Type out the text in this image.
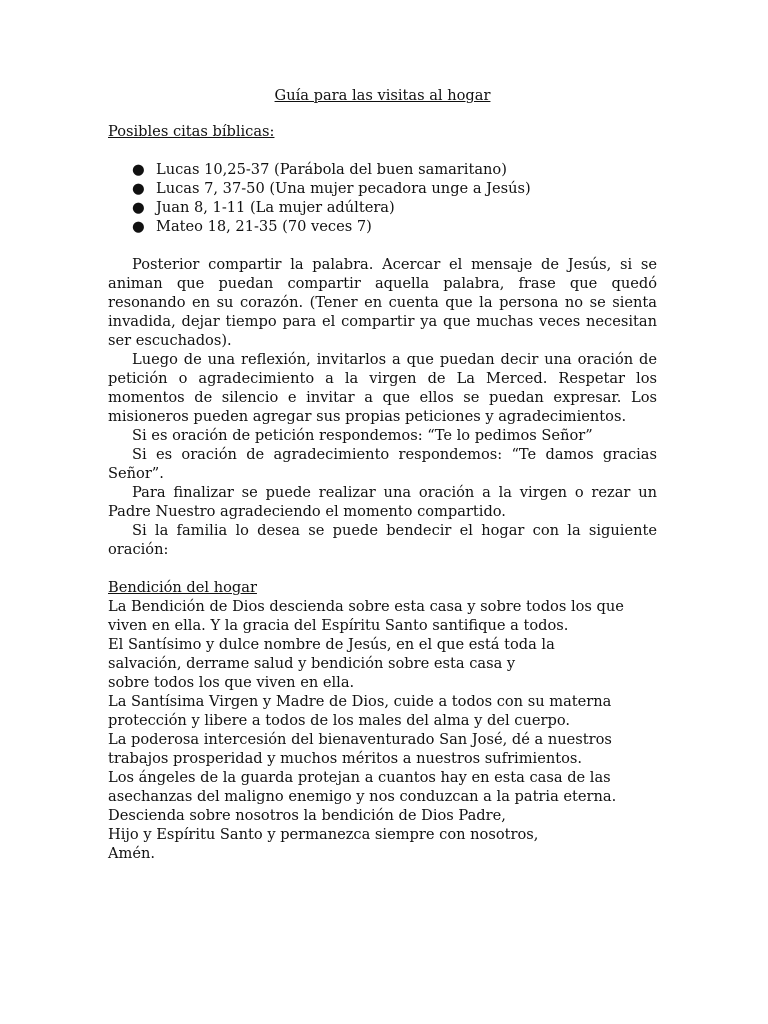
Guía para las visitas al hogar

Posibles citas bíblicas:

● Lucas 10,25-37 (Parábola del buen samaritano)
● Lucas 7, 37-50 (Una mujer pecadora unge a Jesús)
● Juan 8, 1-11 (La mujer adúltera)
● Mateo 18, 21-35 (70 veces 7)

Posterior compartir la palabra. Acercar el mensaje de Jesús, si se animan que puedan compartir aquella palabra, frase que quedó resonando en su corazón. (Tener en cuenta que la persona no se sienta invadida, dejar tiempo para el compartir ya que muchas veces necesitan ser escuchados).

Luego de una reflexión, invitarlos a que puedan decir una oración de petición o agradecimiento a la virgen de La Merced. Respetar los momentos de silencio e invitar a que ellos se puedan expresar. Los misioneros pueden agregar sus propias peticiones y agradecimientos.

Si es oración de petición respondemos: “Te lo pedimos Señor”

Si es oración de agradecimiento respondemos: “Te damos gracias Señor”.

Para finalizar se puede realizar una oración a la virgen o rezar un Padre Nuestro agradeciendo el momento compartido.

Si la familia lo desea se puede bendecir el hogar con la siguiente oración:

Bendición del hogar

La Bendición de Dios descienda sobre esta casa y sobre todos los que

viven en ella. Y la gracia del Espíritu Santo santifique a todos.

El Santísimo y dulce nombre de Jesús, en el que está toda la

salvación, derrame salud y bendición sobre esta casa y

sobre todos los que viven en ella.

La Santísima Virgen y Madre de Dios, cuide a todos con su materna

protección y libere a todos de los males del alma y del cuerpo.

La poderosa intercesión del bienaventurado San José, dé a nuestros

trabajos prosperidad y muchos méritos a nuestros sufrimientos.

Los ángeles de la guarda protejan a cuantos hay en esta casa de las

asechanzas del maligno enemigo y nos conduzcan a la patria eterna.

Descienda sobre nosotros la bendición de Dios Padre,

Hijo y Espíritu Santo y permanezca siempre con nosotros,

Amén.
